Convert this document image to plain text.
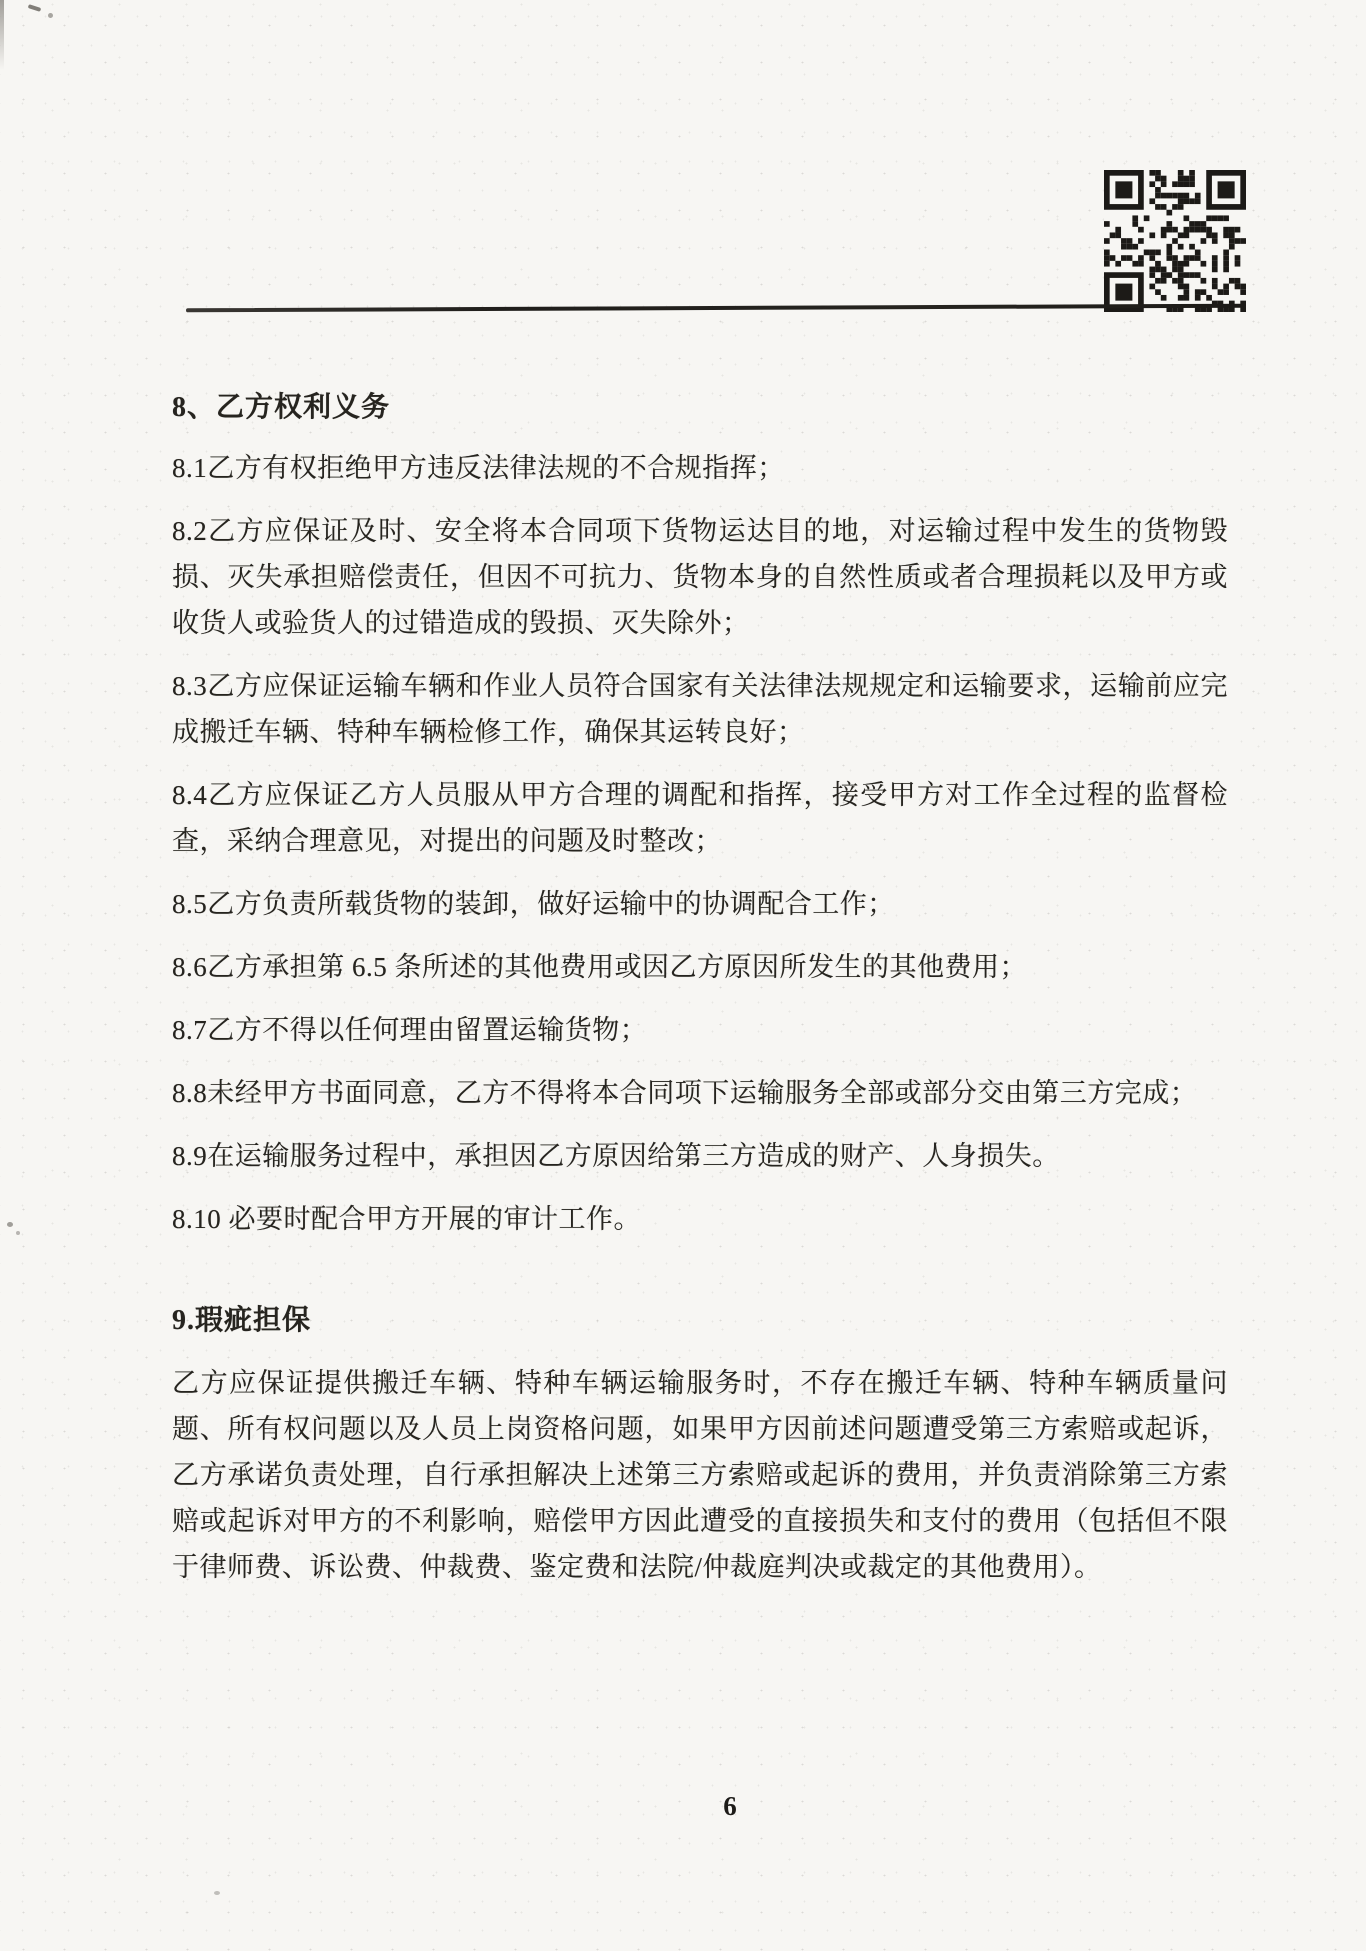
8、乙方权利义务

8.1乙方有权拒绝甲方违反法律法规的不合规指挥；

8.2乙方应保证及时、安全将本合同项下货物运达目的地，对运输过程中发生的货物毁损、灭失承担赔偿责任，但因不可抗力、货物本身的自然性质或者合理损耗以及甲方或收货人或验货人的过错造成的毁损、灭失除外；

8.3乙方应保证运输车辆和作业人员符合国家有关法律法规规定和运输要求，运输前应完成搬迁车辆、特种车辆检修工作，确保其运转良好；

8.4乙方应保证乙方人员服从甲方合理的调配和指挥，接受甲方对工作全过程的监督检查，采纳合理意见，对提出的问题及时整改；

8.5乙方负责所载货物的装卸，做好运输中的协调配合工作；

8.6乙方承担第 6.5 条所述的其他费用或因乙方原因所发生的其他费用；

8.7乙方不得以任何理由留置运输货物；

8.8未经甲方书面同意，乙方不得将本合同项下运输服务全部或部分交由第三方完成；

8.9在运输服务过程中，承担因乙方原因给第三方造成的财产、人身损失。

8.10 必要时配合甲方开展的审计工作。

9.瑕疵担保

乙方应保证提供搬迁车辆、特种车辆运输服务时，不存在搬迁车辆、特种车辆质量问题、所有权问题以及人员上岗资格问题，如果甲方因前述问题遭受第三方索赔或起诉，乙方承诺负责处理，自行承担解决上述第三方索赔或起诉的费用，并负责消除第三方索赔或起诉对甲方的不利影响，赔偿甲方因此遭受的直接损失和支付的费用（包括但不限于律师费、诉讼费、仲裁费、鉴定费和法院/仲裁庭判决或裁定的其他费用）。

6
